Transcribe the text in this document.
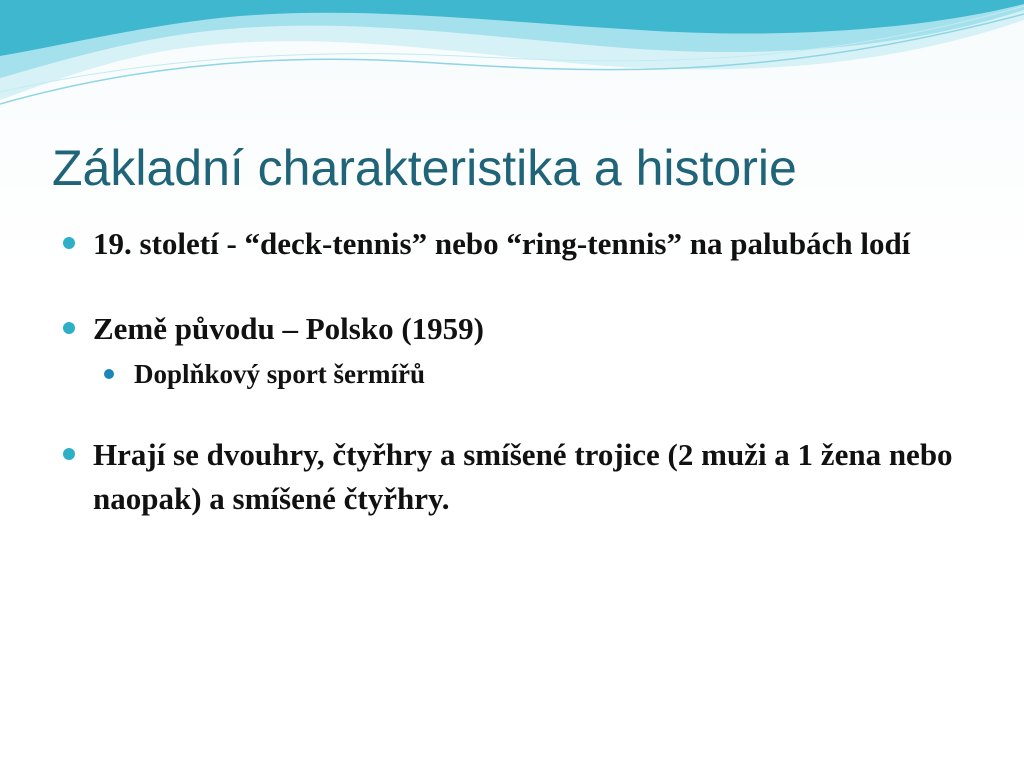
Základní charakteristika a historie
19. století - “deck-tennis” nebo “ring-tennis” na palubách lodí
Země původu – Polsko (1959)
Doplňkový sport šermířů
Hrají se dvouhry, čtyřhry a smíšené trojice (2 muži a 1 žena nebo naopak) a smíšené čtyřhry.
